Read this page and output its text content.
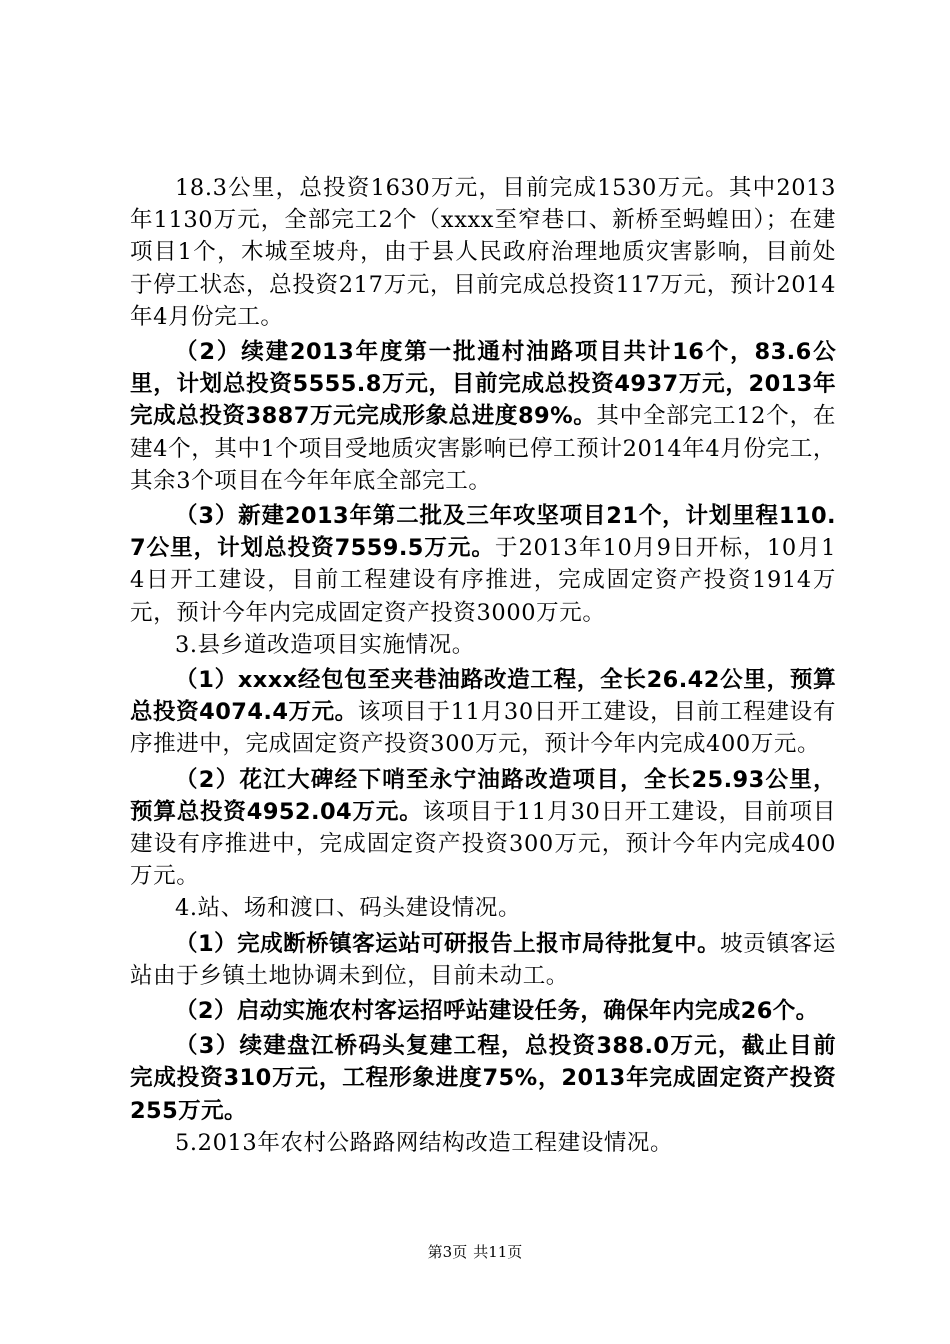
18.3公里，总投资1630万元，目前完成1530万元。其中2013年1130万元，全部完工2个（xxxx至窄巷口、新桥至蚂蝗田）；在建项目1个，木城至坡舟，由于县人民政府治理地质灾害影响，目前处于停工状态，总投资217万元，目前完成总投资117万元，预计2014年4月份完工。

（2）续建2013年度第一批通村油路项目共计16个，83.6公里，计划总投资5555.8万元，目前完成总投资4937万元，2013年完成总投资3887万元完成形象总进度89%。其中全部完工12个，在建4个，其中1个项目受地质灾害影响已停工预计2014年4月份完工，其余3个项目在今年年底全部完工。

（3）新建2013年第二批及三年攻坚项目21个，计划里程110.7公里，计划总投资7559.5万元。于2013年10月9日开标，10月14日开工建设，目前工程建设有序推进，完成固定资产投资1914万元，预计今年内完成固定资产投资3000万元。

3.县乡道改造项目实施情况。

（1）xxxx经包包至夹巷油路改造工程，全长26.42公里，预算总投资4074.4万元。该项目于11月30日开工建设，目前工程建设有序推进中，完成固定资产投资300万元，预计今年内完成400万元。

（2）花江大碑经下哨至永宁油路改造项目，全长25.93公里，预算总投资4952.04万元。该项目于11月30日开工建设，目前项目建设有序推进中，完成固定资产投资300万元，预计今年内完成400万元。

4.站、场和渡口、码头建设情况。

（1）完成断桥镇客运站可研报告上报市局待批复中。坡贡镇客运站由于乡镇土地协调未到位，目前未动工。

（2）启动实施农村客运招呼站建设任务，确保年内完成26个。

（3）续建盘江桥码头复建工程，总投资388.0万元，截止目前完成投资310万元，工程形象进度75%，2013年完成固定资产投资255万元。

5.2013年农村公路路网结构改造工程建设情况。

第3页 共11页
